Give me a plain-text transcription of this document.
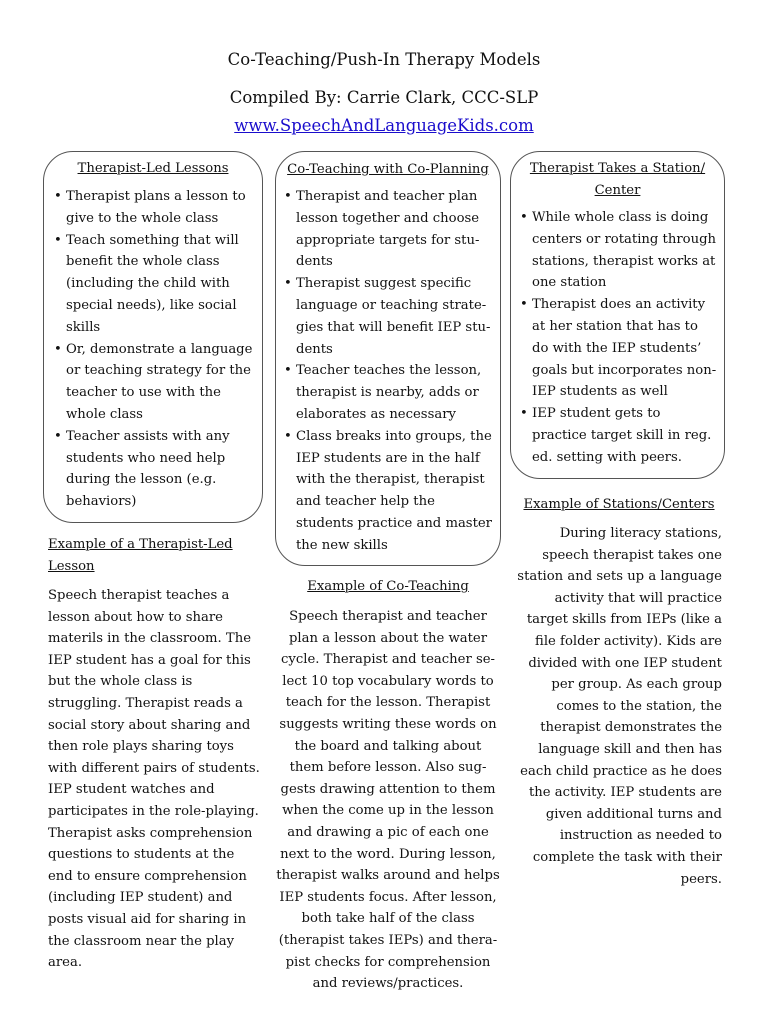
Co-Teaching/Push-In Therapy Models
Compiled By: Carrie Clark, CCC-SLP
www.SpeechAndLanguageKids.com
Therapist-Led Lessons
• Therapist plans a lesson to give to the whole class
• Teach something that will benefit the whole class (including the child with special needs), like social skills
• Or, demonstrate a language or teaching strategy for the teacher to use with the whole class
• Teacher assists with any students who need help during the lesson (e.g. behaviors)
Co-Teaching with Co-Planning
• Therapist and teacher plan lesson together and choose appropriate targets for stu-dents
• Therapist suggest specific language or teaching strate-gies that will benefit IEP stu-dents
• Teacher teaches the lesson, therapist is nearby, adds or elaborates as necessary
• Class breaks into groups, the IEP students are in the half with the therapist, therapist and teacher help the students practice and master the new skills
Therapist Takes a Station/ Center
• While whole class is doing centers or rotating through stations, therapist works at one station
• Therapist does an activity at her station that has to do with the IEP students’ goals but incorporates non-IEP students as well
• IEP student gets to practice target skill in reg. ed. setting with peers.
Example of a Therapist-Led Lesson

Speech therapist teaches a lesson about how to share materils in the classroom. The IEP student has a goal for this but the whole class is struggling. Therapist reads a social story about sharing and then role plays sharing toys with different pairs of students. IEP student watches and participates in the role-playing. Therapist asks comprehension questions to students at the end to ensure comprehension (including IEP student) and posts visual aid for sharing in the classroom near the play area.

Example of Co-Teaching

Speech therapist and teacher plan a lesson about the water cycle. Therapist and teacher se-lect 10 top vocabulary words to teach for the lesson. Therapist suggests writing these words on the board and talking about them before lesson. Also sug-gests drawing attention to them when the come up in the lesson and drawing a pic of each one next to the word. During lesson, therapist walks around and helps IEP students focus. After lesson, both take half of the class (therapist takes IEPs) and thera-pist checks for comprehension and reviews/practices.

Example of Stations/Centers

During literacy stations, speech therapist takes one station and sets up a language activity that will practice target skills from IEPs (like a file folder activity). Kids are divided with one IEP student per group. As each group comes to the station, the therapist demonstrates the language skill and then has each child practice as he does the activity. IEP students are given additional turns and instruction as needed to complete the task with their peers.
